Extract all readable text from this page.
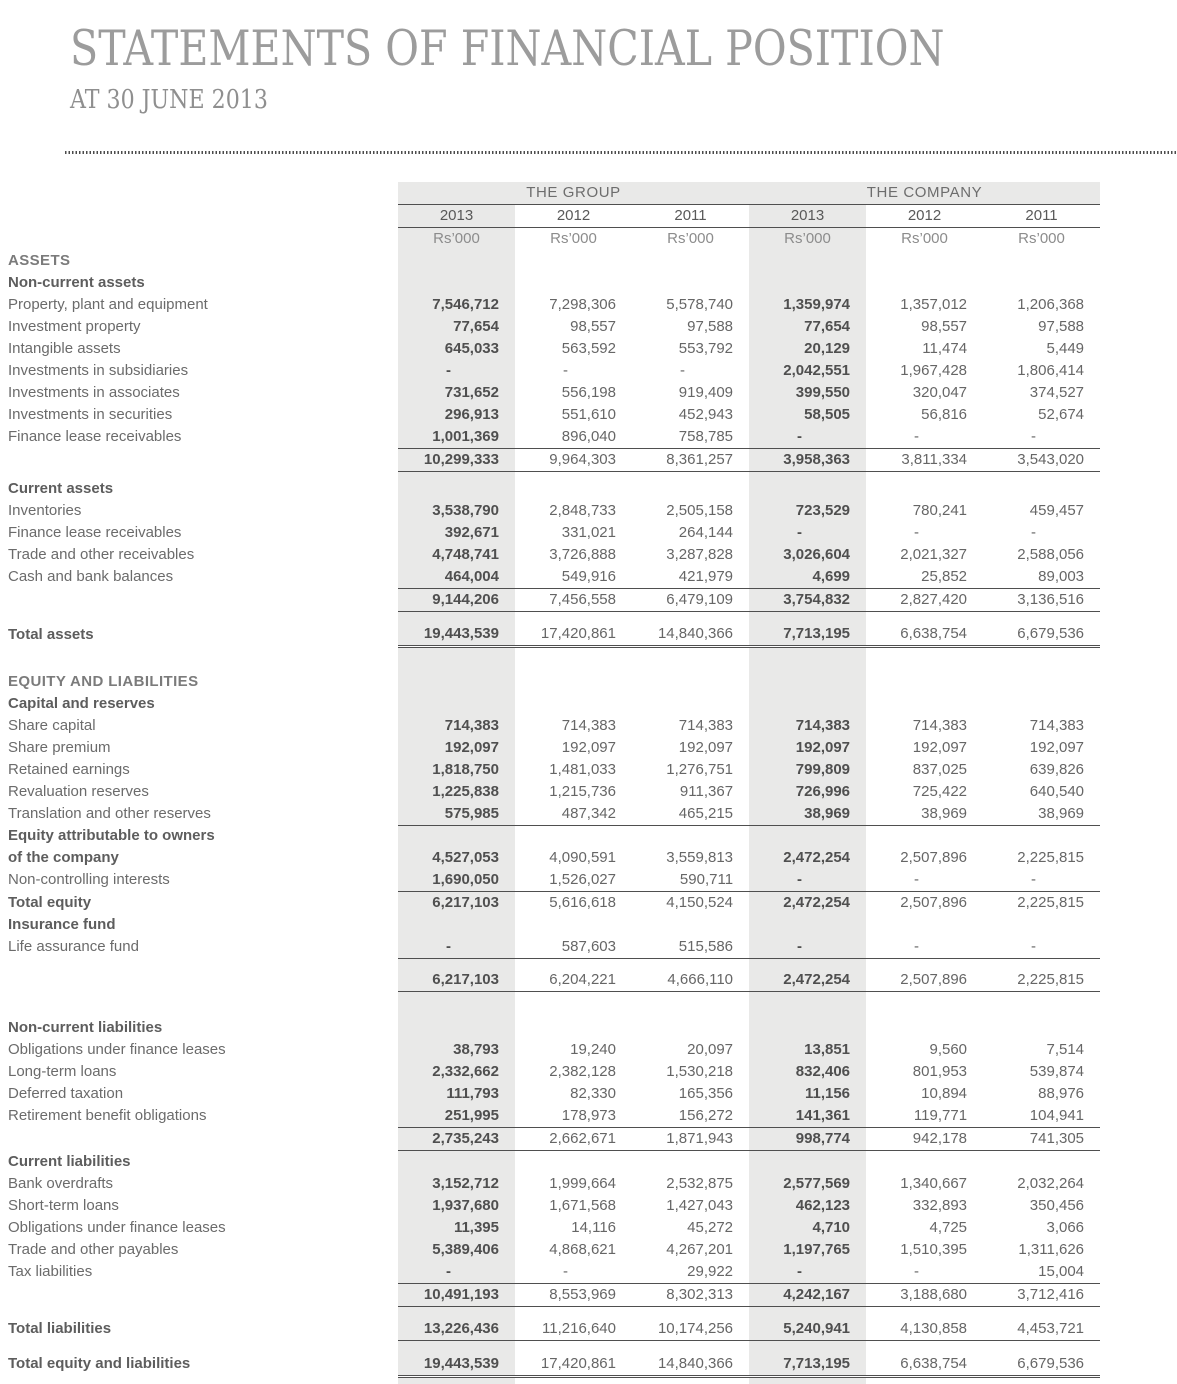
STATEMENTS OF FINANCIAL POSITION
AT 30 JUNE 2013
	THE GROUP			THE COMPANY		
	2013	2012	2011	2013	2012	2011
	Rs’000	Rs’000	Rs’000	Rs’000	Rs’000	Rs’000
ASSETS						
Non-current assets						
Property, plant and equipment	7,546,712	7,298,306	5,578,740	1,359,974	1,357,012	1,206,368
Investment property	77,654	98,557	97,588	77,654	98,557	97,588
Intangible assets	645,033	563,592	553,792	20,129	11,474	5,449
Investments in subsidiaries	-	-	-	2,042,551	1,967,428	1,806,414
Investments in associates	731,652	556,198	919,409	399,550	320,047	374,527
Investments in securities	296,913	551,610	452,943	58,505	56,816	52,674
Finance lease receivables	1,001,369	896,040	758,785	-	-	-
	10,299,333	9,964,303	8,361,257	3,958,363	3,811,334	3,543,020

Current assets						
Inventories	3,538,790	2,848,733	2,505,158	723,529	780,241	459,457
Finance lease receivables	392,671	331,021	264,144	-	-	-
Trade and other receivables	4,748,741	3,726,888	3,287,828	3,026,604	2,021,327	2,588,056
Cash and bank balances	464,004	549,916	421,979	4,699	25,852	89,003
	9,144,206	7,456,558	6,479,109	3,754,832	2,827,420	3,136,516

Total assets	19,443,539	17,420,861	14,840,366	7,713,195	6,638,754	6,679,536

EQUITY AND LIABILITIES						
Capital and reserves						
Share capital	714,383	714,383	714,383	714,383	714,383	714,383
Share premium	192,097	192,097	192,097	192,097	192,097	192,097
Retained earnings	1,818,750	1,481,033	1,276,751	799,809	837,025	639,826
Revaluation reserves	1,225,838	1,215,736	911,367	726,996	725,422	640,540
Translation and other reserves	575,985	487,342	465,215	38,969	38,969	38,969
Equity attributable to owners						
of the company	4,527,053	4,090,591	3,559,813	2,472,254	2,507,896	2,225,815
Non-controlling interests	1,690,050	1,526,027	590,711	-	-	-
Total equity	6,217,103	5,616,618	4,150,524	2,472,254	2,507,896	2,225,815
Insurance fund						
Life assurance fund	-	587,603	515,586	-	-	-

	6,217,103	6,204,221	4,666,110	2,472,254	2,507,896	2,225,815

Non-current liabilities						
Obligations under finance leases	38,793	19,240	20,097	13,851	9,560	7,514
Long-term loans	2,332,662	2,382,128	1,530,218	832,406	801,953	539,874
Deferred taxation	111,793	82,330	165,356	11,156	10,894	88,976
Retirement benefit obligations	251,995	178,973	156,272	141,361	119,771	104,941
	2,735,243	2,662,671	1,871,943	998,774	942,178	741,305
Current liabilities						
Bank overdrafts	3,152,712	1,999,664	2,532,875	2,577,569	1,340,667	2,032,264
Short-term loans	1,937,680	1,671,568	1,427,043	462,123	332,893	350,456
Obligations under finance leases	11,395	14,116	45,272	4,710	4,725	3,066
Trade and other payables	5,389,406	4,868,621	4,267,201	1,197,765	1,510,395	1,311,626
Tax liabilities	-	-	29,922	-	-	15,004
	10,491,193	8,553,969	8,302,313	4,242,167	3,188,680	3,712,416

Total liabilities	13,226,436	11,216,640	10,174,256	5,240,941	4,130,858	4,453,721

Total equity and liabilities	19,443,539	17,420,861	14,840,366	7,713,195	6,638,754	6,679,536
